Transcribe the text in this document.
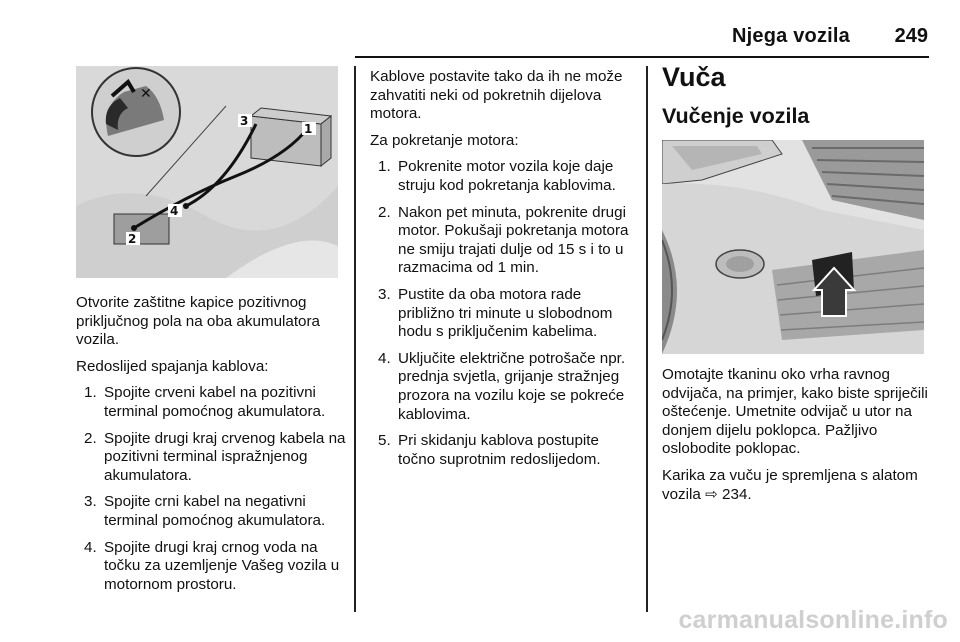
Njega vozila	249
✕
3
1
4
2

Otvorite zaštitne kapice pozitivnog priključnog pola na oba akumulatora vozila.

Redoslijed spajanja kablova:

1. Spojite crveni kabel na pozitivni terminal pomoćnog akumulatora.
2. Spojite drugi kraj crvenog kabela na pozitivni terminal ispražnjenog akumulatora.
3. Spojite crni kabel na negativni terminal pomoćnog akumulatora.
4. Spojite drugi kraj crnog voda na točku za uzemljenje Vašeg vozila u motornom prostoru.

Kablove postavite tako da ih ne može zahvatiti neki od pokretnih dijelova motora.

Za pokretanje motora:

1. Pokrenite motor vozila koje daje struju kod pokretanja kablovima.
2. Nakon pet minuta, pokrenite drugi motor. Pokušaji pokretanja motora ne smiju trajati dulje od 15 s i to u razmacima od 1 min.
3. Pustite da oba motora rade približno tri minute u slobodnom hodu s priključenim kabelima.
4. Uključite električne potrošače npr. prednja svjetla, grijanje stražnjeg prozora na vozilu koje se pokreće kablovima.
5. Pri skidanju kablova postupite točno suprotnim redoslijedom.
Vuča
Vučenje vozila

Omotajte tkaninu oko vrha ravnog odvijača, na primjer, kako biste spriječili oštećenje. Umetnite odvijač u utor na donjem dijelu poklopca. Pažljivo oslobodite poklopac.

Karika za vuču je spremljena s alatom vozila ⇨ 234.

carmanualsonline.info
